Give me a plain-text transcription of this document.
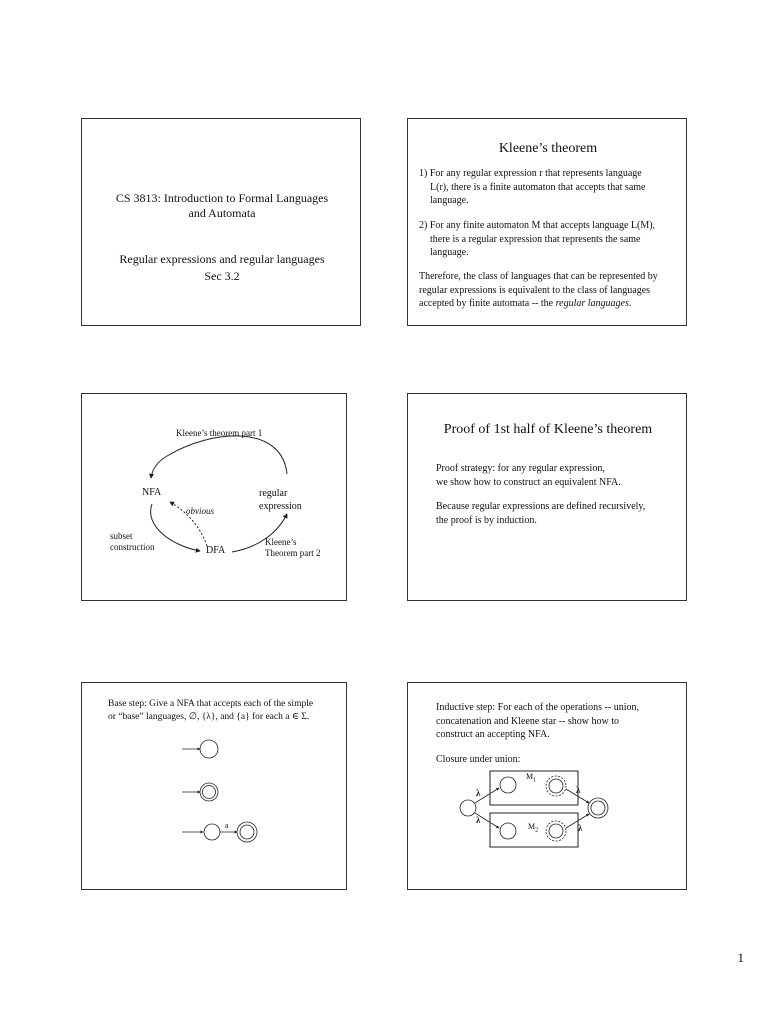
CS 3813: Introduction to Formal Languages
and Automata
Regular expressions and regular languages
Sec 3.2
Kleene’s theorem
1) For any regular expression r that represents language
L(r), there is a finite automaton that accepts that same
language.
2) For any finite automaton M that accepts language L(M),
there is a regular expression that represents the same
language.
Therefore, the class of languages that can be represented by
regular expressions is equivalent to the class of languages
accepted by finite automata -- the regular languages.
Kleene’s theorem part 1
NFA	regular
expression
obvious
subset
construction	DFA
Kleene’s
Theorem part 2
Proof of 1st half of Kleene’s theorem
Proof strategy: for any regular expression,
we show how to construct an equivalent NFA.
Because regular expressions are defined recursively,
the proof is by induction.
Base step: Give a NFA that accepts each of the simple
or “base” languages, ∅, {λ}, and {a} for each a ∈ Σ.
a
Inductive step: For each of the operations -- union,
concatenation and Kleene star -- show how to
construct an accepting NFA.
Closure under union:
$M_1$
$M_2$
λ
λ
λ
λ
1
